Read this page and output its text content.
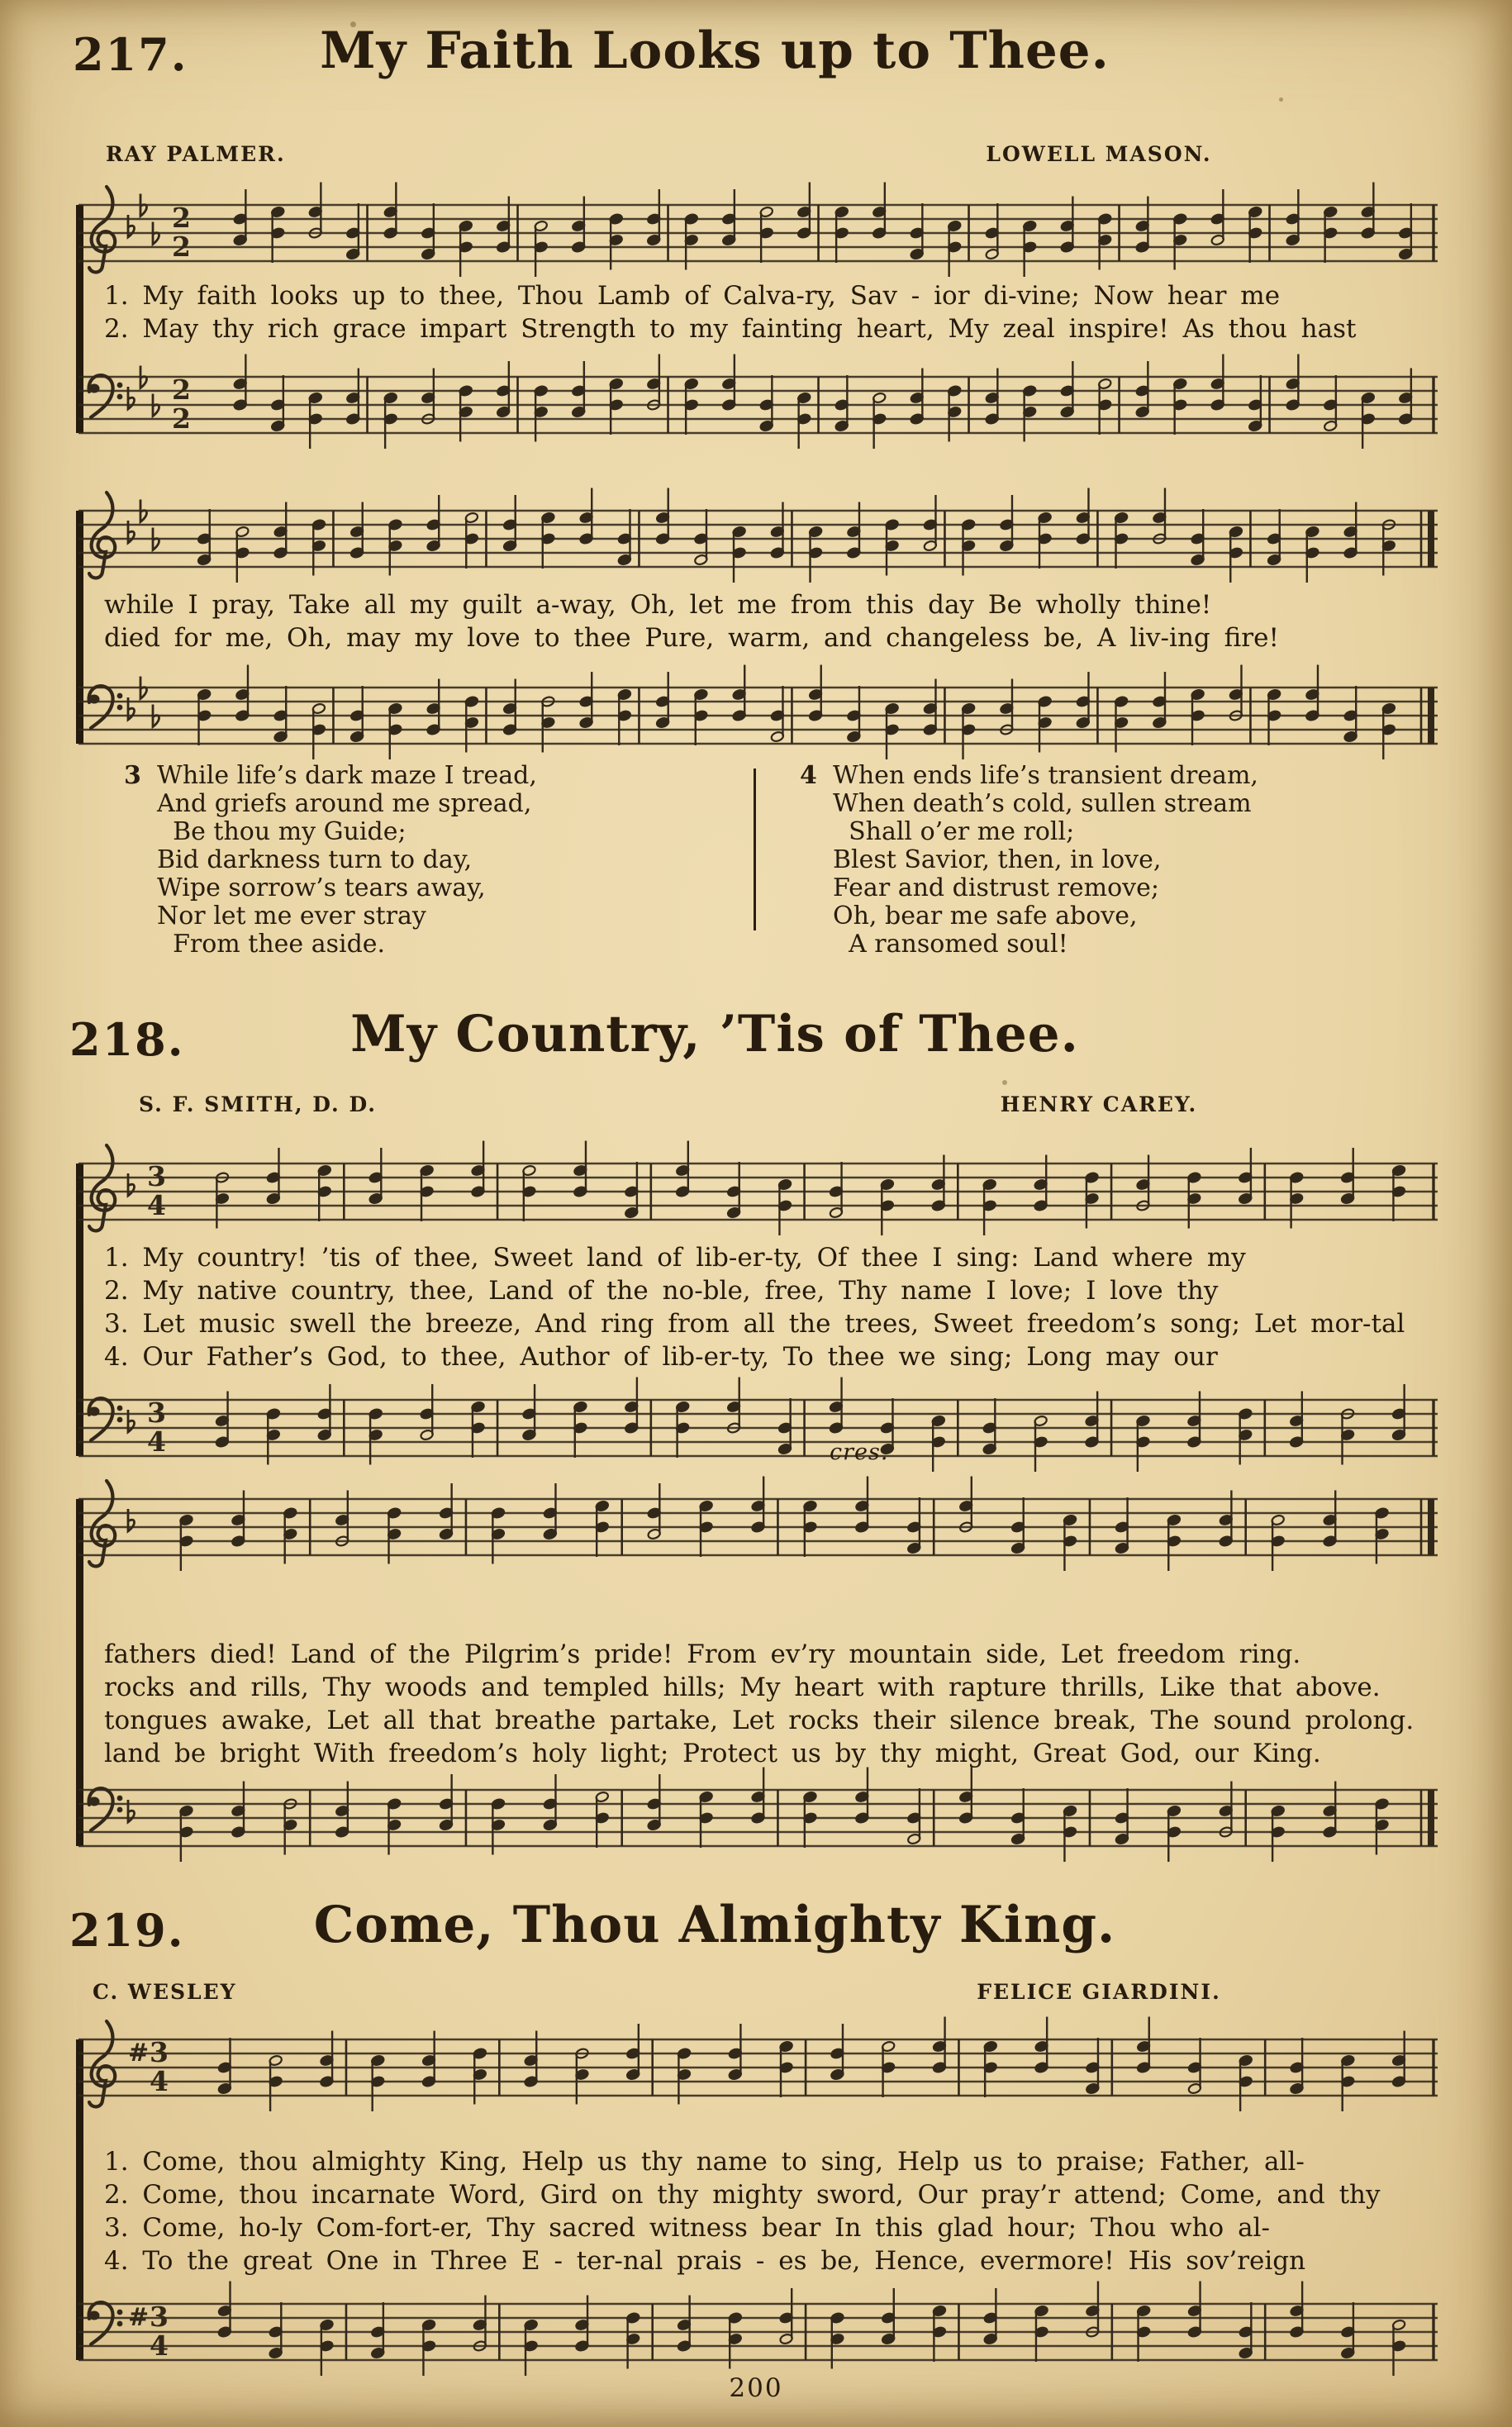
217.	My Faith Looks up to Thee.
RAY PALMER.	LOWELL MASON.
2
2
1. My faith looks up to thee, Thou Lamb of Calva-ry, Sav - ior di-vine; Now hear me
2. May thy rich grace impart Strength to my fainting heart, My zeal inspire! As thou hast
2
2
while I pray, Take all my guilt a-way, Oh, let me from this day Be wholly thine!
died for me, Oh, may my love to thee Pure, warm, and changeless be, A liv-ing fire!
3 While life’s dark maze I tread,
And griefs around me spread,
Be thou my Guide;
Bid darkness turn to day,
Wipe sorrow’s tears away,
Nor let me ever stray
From thee aside.
4 When ends life’s transient dream,
When death’s cold, sullen stream
Shall o’er me roll;
Blest Savior, then, in love,
Fear and distrust remove;
Oh, bear me safe above,
A ransomed soul!
218.	My Country, ’Tis of Thee.
S. F. SMITH, D. D.	HENRY CAREY.
3
4
1. My country! ’tis of thee, Sweet land of lib-er-ty, Of thee I sing: Land where my
2. My native country, thee, Land of the no-ble, free, Thy name I love; I love thy
3. Let music swell the breeze, And ring from all the trees, Sweet freedom’s song; Let mor-tal
4. Our Father’s God, to thee, Author of lib-er-ty, To thee we sing; Long may our
3
4	cres.
fathers died! Land of the Pilgrim’s pride! From ev’ry mountain side, Let freedom ring.
rocks and rills, Thy woods and templed hills; My heart with rapture thrills, Like that above.
tongues awake, Let all that breathe partake, Let rocks their silence break, The sound prolong.
land be bright With freedom’s holy light; Protect us by thy might, Great God, our King.
219.	Come, Thou Almighty King.
C. WESLEY	FELICE GIARDINI.
# 3
4
1. Come, thou almighty King, Help us thy name to sing, Help us to praise; Father, all-
2. Come, thou incarnate Word, Gird on thy mighty sword, Our pray’r attend; Come, and thy
3. Come, ho-ly Com-fort-er, Thy sacred witness bear In this glad hour; Thou who al-
4. To the great One in Three E - ter-nal prais - es be, Hence, evermore! His sov’reign
# 3
4
200
